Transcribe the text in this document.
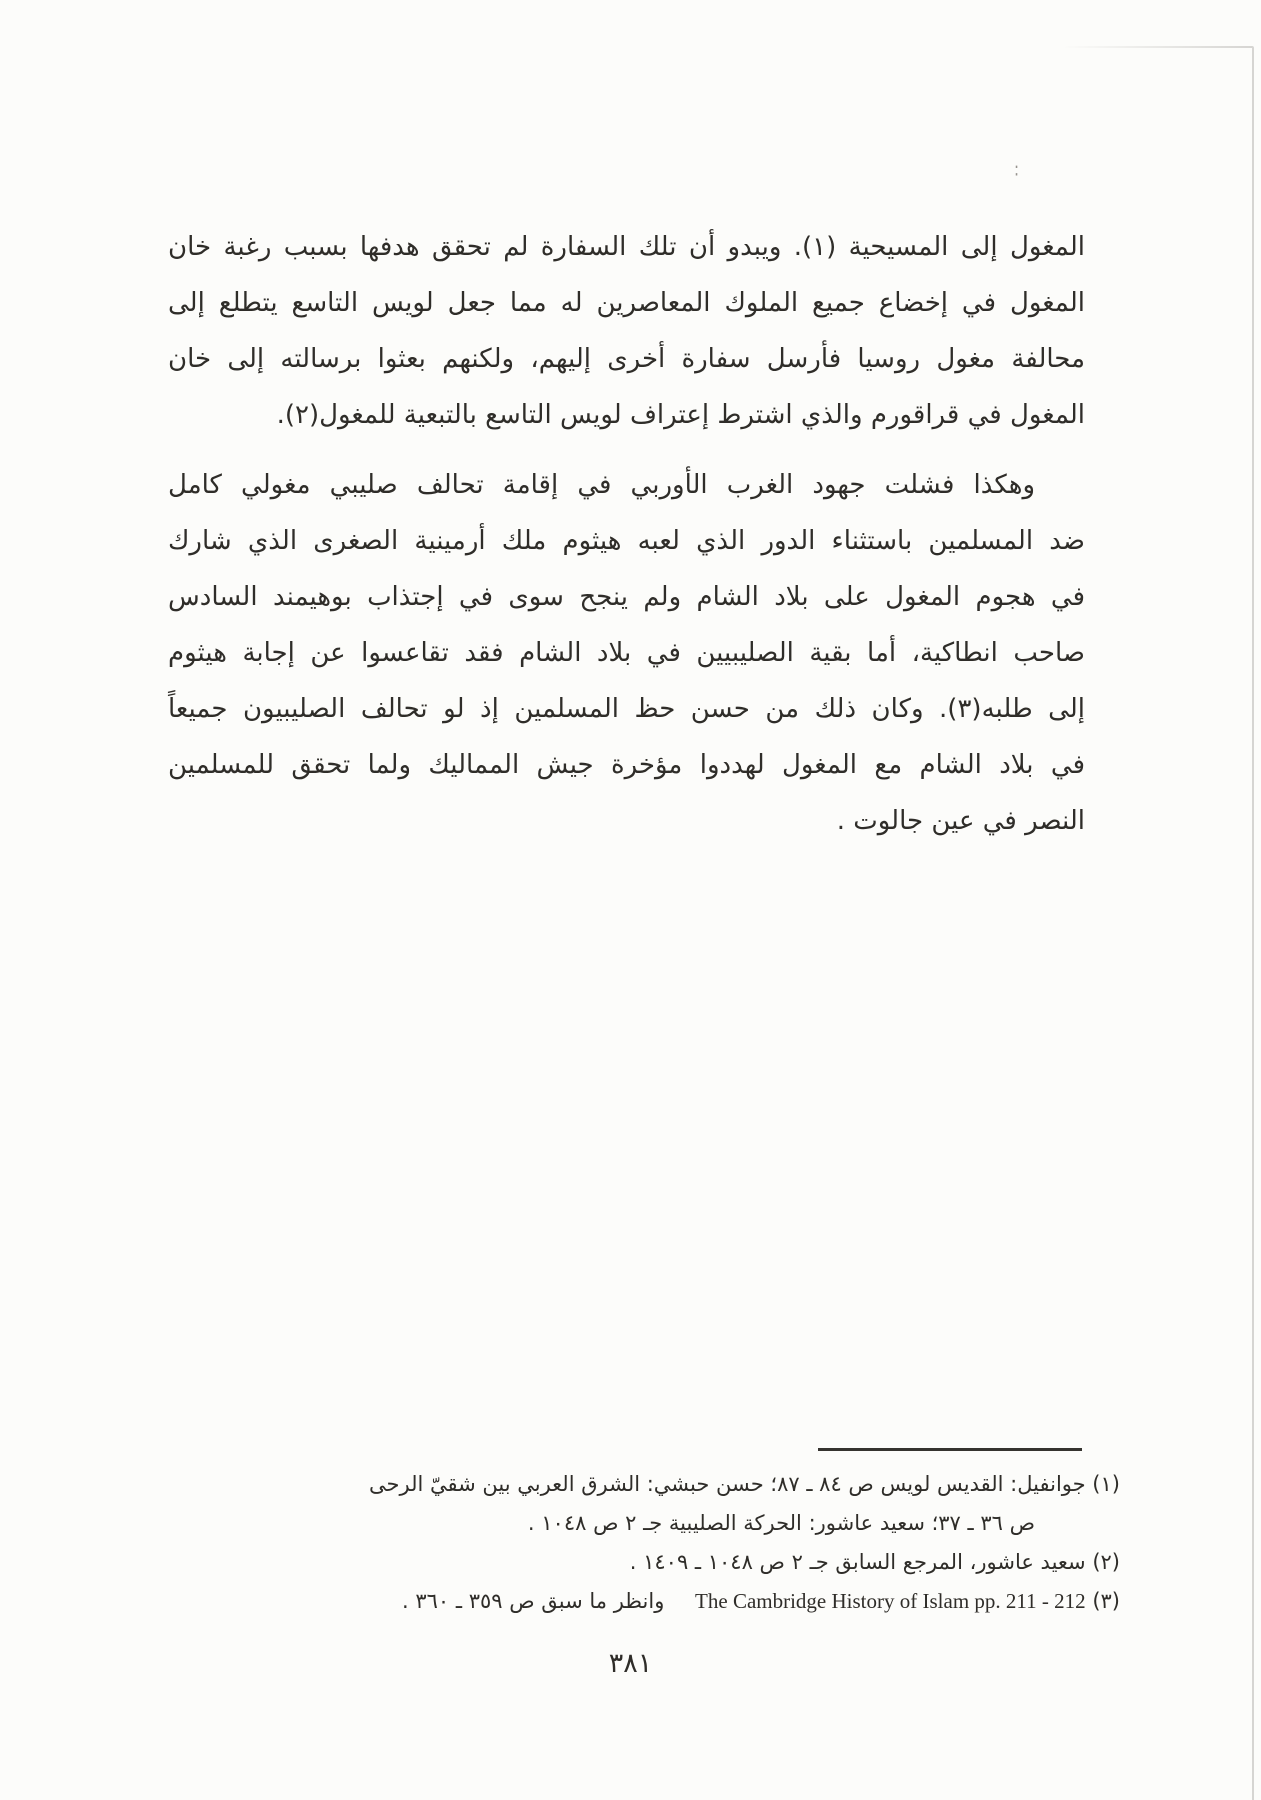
:
المغول إلى المسيحية (١). ويبدو أن تلك السفارة لم تحقق هدفها بسبب رغبة خان
المغول في إخضاع جميع الملوك المعاصرين له مما جعل لويس التاسع يتطلع إلى
محالفة مغول روسيا فأرسل سفارة أخرى إليهم، ولكنهم بعثوا برسالته إلى خان
المغول في قراقورم والذي اشترط إعتراف لويس التاسع بالتبعية للمغول(٢).
وهكذا فشلت جهود الغرب الأوربي في إقامة تحالف صليبي مغولي كامل
ضد المسلمين باستثناء الدور الذي لعبه هيثوم ملك أرمينية الصغرى الذي شارك
في هجوم المغول على بلاد الشام ولم ينجح سوى في إجتذاب بوهيمند السادس
صاحب انطاكية، أما بقية الصليبيين في بلاد الشام فقد تقاعسوا عن إجابة هيثوم
إلى طلبه(٣). وكان ذلك من حسن حظ المسلمين إذ لو تحالف الصليبيون جميعاً
في بلاد الشام مع المغول لهددوا مؤخرة جيش المماليك ولما تحقق للمسلمين
النصر في عين جالوت .
(١) جوانفيل: القديس لويس ص ٨٤ ـ ٨٧؛ حسن حبشي: الشرق العربي بين شقيّ الرحى
ص ٣٦ ـ ٣٧؛ سعيد عاشور: الحركة الصليبية جـ ٢ ص ١٠٤٨ .
(٢) سعيد عاشور، المرجع السابق جـ ٢ ص ١٠٤٨ ـ ١٤٠٩ .
(٣) The Cambridge History of Islam pp. 211 - 212 وانظر ما سبق ص ٣٥٩ ـ ٣٦٠ .
٣٨١
